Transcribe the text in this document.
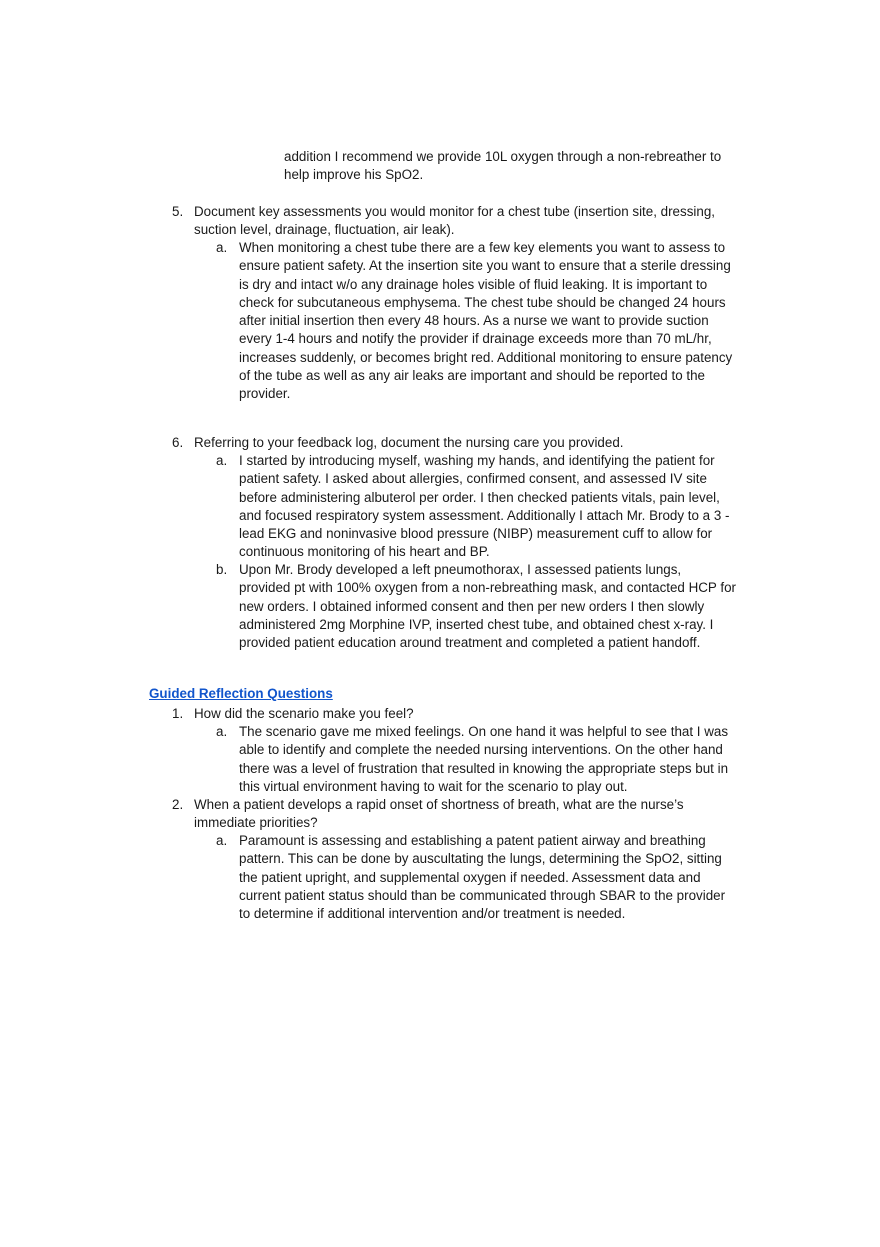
addition I recommend we provide 10L oxygen through a non-rebreather to help improve his SpO2.
5. Document key assessments you would monitor for a chest tube (insertion site, dressing, suction level, drainage, fluctuation, air leak).
a. When monitoring a chest tube there are a few key elements you want to assess to ensure patient safety. At the insertion site you want to ensure that a sterile dressing is dry and intact w/o any drainage holes visible of fluid leaking. It is important to check for subcutaneous emphysema. The chest tube should be changed 24 hours after initial insertion then every 48 hours. As a nurse we want to provide suction every 1-4 hours and notify the provider if drainage exceeds more than 70 mL/hr, increases suddenly, or becomes bright red. Additional monitoring to ensure patency of the tube as well as any air leaks are important and should be reported to the provider.
6. Referring to your feedback log, document the nursing care you provided.
a. I started by introducing myself, washing my hands, and identifying the patient for patient safety. I asked about allergies, confirmed consent, and assessed IV site before administering albuterol per order. I then checked patients vitals, pain level, and focused respiratory system assessment. Additionally I attach Mr. Brody to a 3 - lead EKG and noninvasive blood pressure (NIBP) measurement cuff to allow for continuous monitoring of his heart and BP.
b. Upon Mr. Brody developed a left pneumothorax, I assessed patients lungs, provided pt with 100% oxygen from a non-rebreathing mask, and contacted HCP for new orders. I obtained informed consent and then per new orders I then slowly administered 2mg Morphine IVP, inserted chest tube, and obtained chest x-ray. I provided patient education around treatment and completed a patient handoff.
Guided Reflection Questions
1. How did the scenario make you feel?
a. The scenario gave me mixed feelings. On one hand it was helpful to see that I was able to identify and complete the needed nursing interventions. On the other hand there was a level of frustration that resulted in knowing the appropriate steps but in this virtual environment having to wait for the scenario to play out.
2. When a patient develops a rapid onset of shortness of breath, what are the nurse’s immediate priorities?
a. Paramount is assessing and establishing a patent patient airway and breathing pattern. This can be done by auscultating the lungs, determining the SpO2, sitting the patient upright, and supplemental oxygen if needed. Assessment data and current patient status should than be communicated through SBAR to the provider to determine if additional intervention and/or treatment is needed.
